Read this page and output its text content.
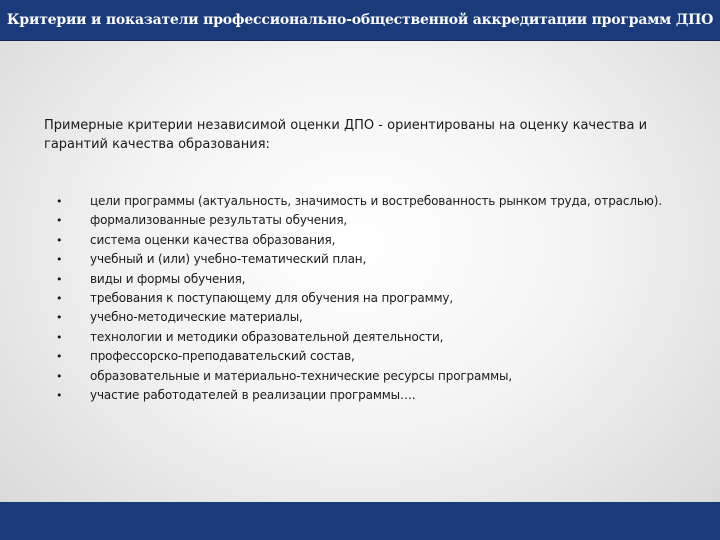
Критерии и показатели профессионально-общественной аккредитации программ ДПО

Примерные критерии независимой оценки ДПО - ориентированы на оценку качества и гарантий качества образования:

•	цели программы (актуальность, значимость и востребованность рынком труда, отраслью).
•	формализованные результаты обучения,
•	система оценки качества образования,
•	учебный и (или) учебно-тематический план,
•	виды и формы обучения,
•	требования к поступающему для обучения на программу,
•	учебно-методические материалы,
•	технологии и методики образовательной деятельности,
•	профессорско-преподавательский состав,
•	образовательные и материально-технические ресурсы программы,
•	участие работодателей в реализации программы….
